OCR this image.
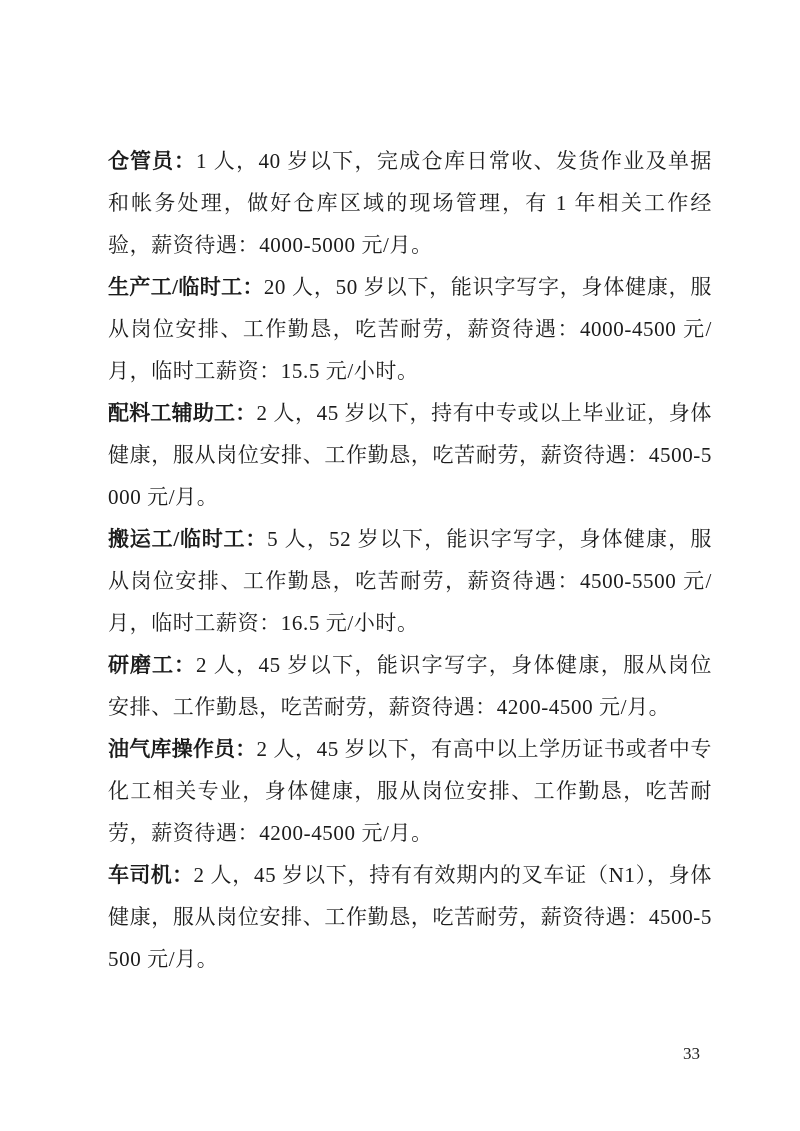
仓管员：1 人，40 岁以下，完成仓库日常收、发货作业及单据和帐务处理，做好仓库区域的现场管理，有 1 年相关工作经验，薪资待遇：4000-5000 元/月。

生产工/临时工：20 人，50 岁以下，能识字写字，身体健康，服从岗位安排、工作勤恳，吃苦耐劳，薪资待遇：4000-4500 元/月，临时工薪资：15.5 元/小时。

配料工辅助工：2 人，45 岁以下，持有中专或以上毕业证，身体健康，服从岗位安排、工作勤恳，吃苦耐劳，薪资待遇：4500-5000 元/月。

搬运工/临时工：5 人，52 岁以下，能识字写字，身体健康，服从岗位安排、工作勤恳，吃苦耐劳，薪资待遇：4500-5500 元/月，临时工薪资：16.5 元/小时。

研磨工：2 人，45 岁以下，能识字写字，身体健康，服从岗位安排、工作勤恳，吃苦耐劳，薪资待遇：4200-4500 元/月。

油气库操作员：2 人，45 岁以下，有高中以上学历证书或者中专化工相关专业，身体健康，服从岗位安排、工作勤恳，吃苦耐劳，薪资待遇：4200-4500 元/月。

车司机：2 人，45 岁以下，持有有效期内的叉车证（N1），身体健康，服从岗位安排、工作勤恳，吃苦耐劳，薪资待遇：4500-5500 元/月。

33
